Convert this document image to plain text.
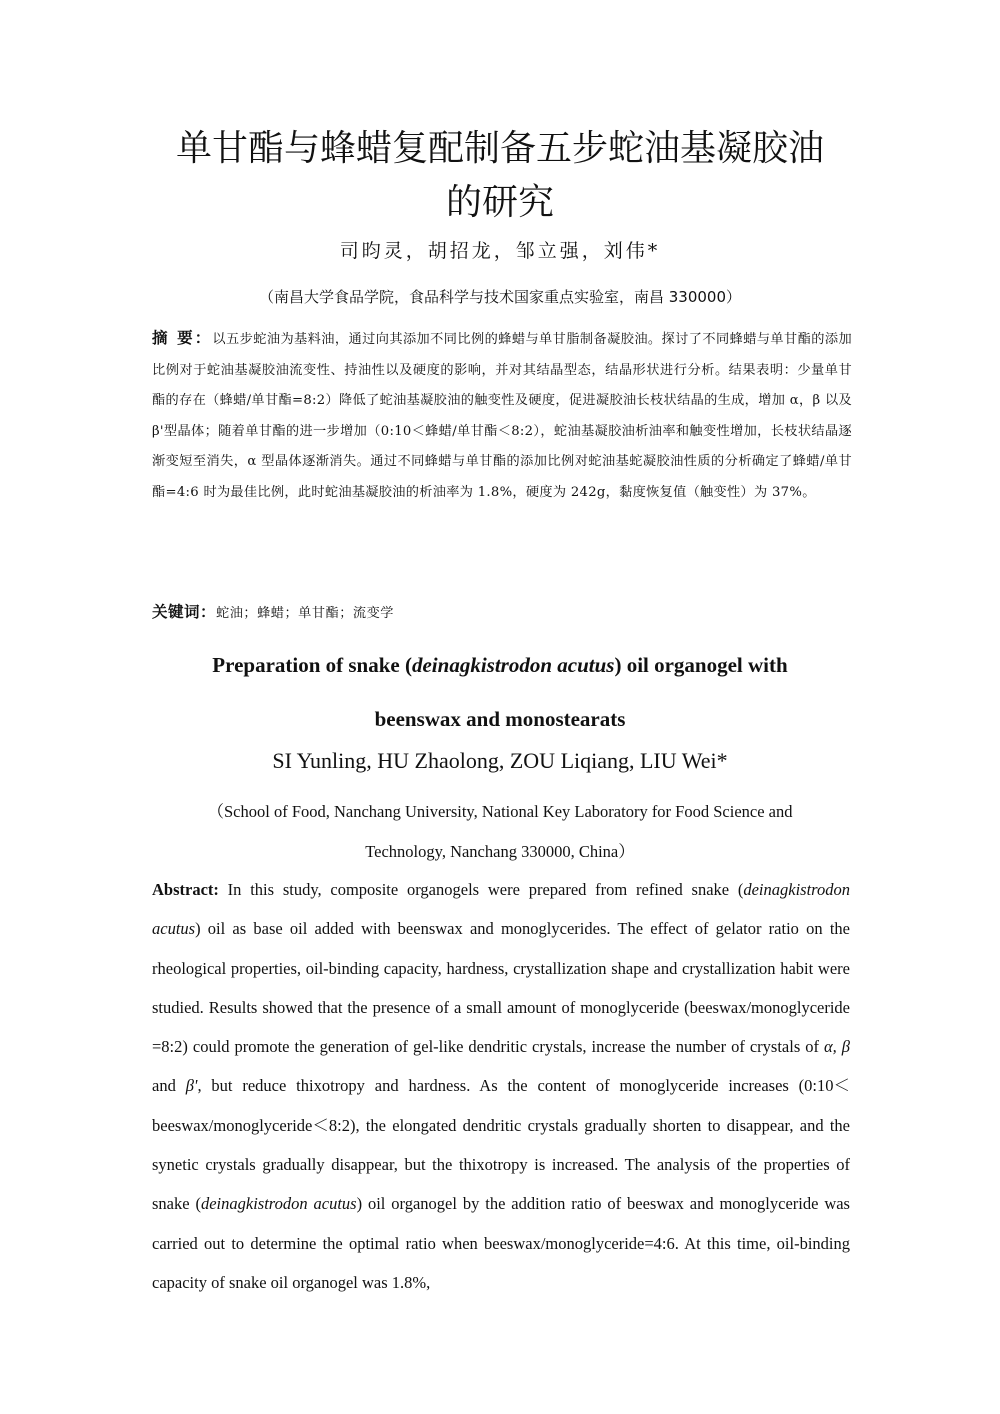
单甘酯与蜂蜡复配制备五步蛇油基凝胶油
的研究
司昀灵，胡招龙，邹立强，刘伟*
（南昌大学食品学院，食品科学与技术国家重点实验室，南昌 330000）
摘 要：以五步蛇油为基料油，通过向其添加不同比例的蜂蜡与单甘脂制备凝胶油。探讨了不同蜂蜡与单甘酯的添加比例对于蛇油基凝胶油流变性、持油性以及硬度的影响，并对其结晶型态，结晶形状进行分析。结果表明：少量单甘酯的存在（蜂蜡/单甘酯=8:2）降低了蛇油基凝胶油的触变性及硬度，促进凝胶油长枝状结晶的生成，增加 α，β 以及 β'型晶体；随着单甘酯的进一步增加（0:10＜蜂蜡/单甘酯＜8:2），蛇油基凝胶油析油率和触变性增加，长枝状结晶逐渐变短至消失，α 型晶体逐渐消失。通过不同蜂蜡与单甘酯的添加比例对蛇油基蛇凝胶油性质的分析确定了蜂蜡/单甘酯=4:6 时为最佳比例，此时蛇油基凝胶油的析油率为 1.8%，硬度为 242g，黏度恢复值（触变性）为 37%。
关键词：蛇油；蜂蜡；单甘酯；流变学
Preparation of snake (deinagkistrodon acutus) oil organogel with
beenswax and monostearats
SI Yunling, HU Zhaolong, ZOU Liqiang, LIU Wei*
（School of Food, Nanchang University, National Key Laboratory for Food Science and
Technology, Nanchang 330000, China）
Abstract: In this study, composite organogels were prepared from refined snake (deinagkistrodon acutus) oil as base oil added with beenswax and monoglycerides. The effect of gelator ratio on the rheological properties, oil-binding capacity, hardness, crystallization shape and crystallization habit were studied. Results showed that the presence of a small amount of monoglyceride (beeswax/monoglyceride =8:2) could promote the generation of gel-like dendritic crystals, increase the number of crystals of α, β and β', but reduce thixotropy and hardness. As the content of monoglyceride increases (0:10＜beeswax/monoglyceride＜8:2), the elongated dendritic crystals gradually shorten to disappear, and the synetic crystals gradually disappear, but the thixotropy is increased. The analysis of the properties of snake (deinagkistrodon acutus) oil organogel by the addition ratio of beeswax and monoglyceride was carried out to determine the optimal ratio when beeswax/monoglyceride=4:6. At this time, oil-binding capacity of snake oil organogel was 1.8%,
